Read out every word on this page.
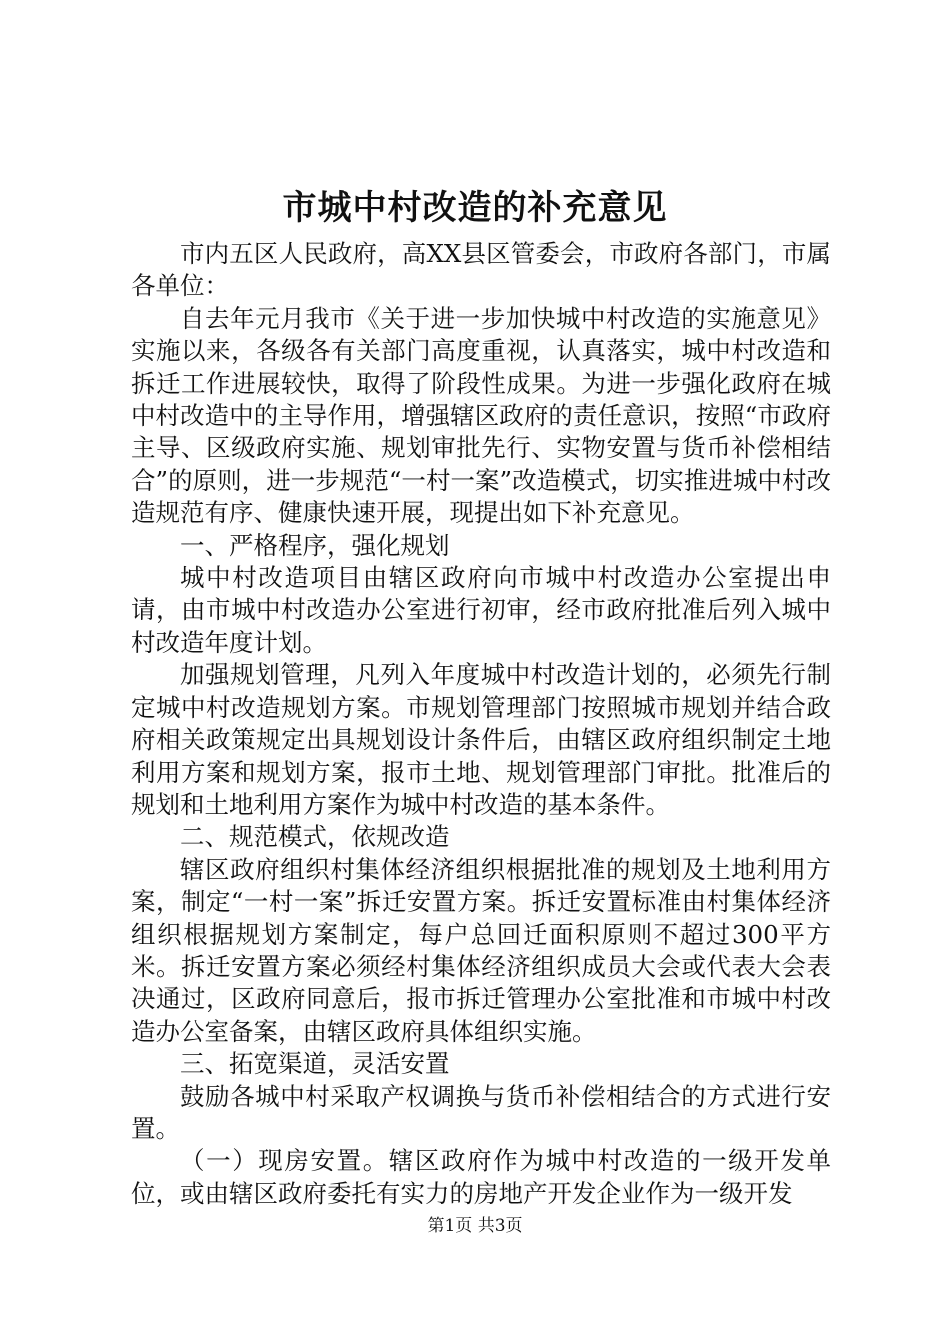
市城中村改造的补充意见

市内五区人民政府，高XX县区管委会，市政府各部门，市属各单位：

自去年元月我市《关于进一步加快城中村改造的实施意见》实施以来，各级各有关部门高度重视，认真落实，城中村改造和拆迁工作进展较快，取得了阶段性成果。为进一步强化政府在城中村改造中的主导作用，增强辖区政府的责任意识，按照“市政府主导、区级政府实施、规划审批先行、实物安置与货币补偿相结合”的原则，进一步规范“一村一案”改造模式，切实推进城中村改造规范有序、健康快速开展，现提出如下补充意见。

一、严格程序，强化规划

城中村改造项目由辖区政府向市城中村改造办公室提出申请，由市城中村改造办公室进行初审，经市政府批准后列入城中村改造年度计划。

加强规划管理，凡列入年度城中村改造计划的，必须先行制定城中村改造规划方案。市规划管理部门按照城市规划并结合政府相关政策规定出具规划设计条件后，由辖区政府组织制定土地利用方案和规划方案，报市土地、规划管理部门审批。批准后的规划和土地利用方案作为城中村改造的基本条件。

二、规范模式，依规改造

辖区政府组织村集体经济组织根据批准的规划及土地利用方案，制定“一村一案”拆迁安置方案。拆迁安置标准由村集体经济组织根据规划方案制定，每户总回迁面积原则不超过300平方米。拆迁安置方案必须经村集体经济组织成员大会或代表大会表决通过，区政府同意后，报市拆迁管理办公室批准和市城中村改造办公室备案，由辖区政府具体组织实施。

三、拓宽渠道，灵活安置

鼓励各城中村采取产权调换与货币补偿相结合的方式进行安置。

（一）现房安置。辖区政府作为城中村改造的一级开发单位，或由辖区政府委托有实力的房地产开发企业作为一级开发

第1页 共3页
